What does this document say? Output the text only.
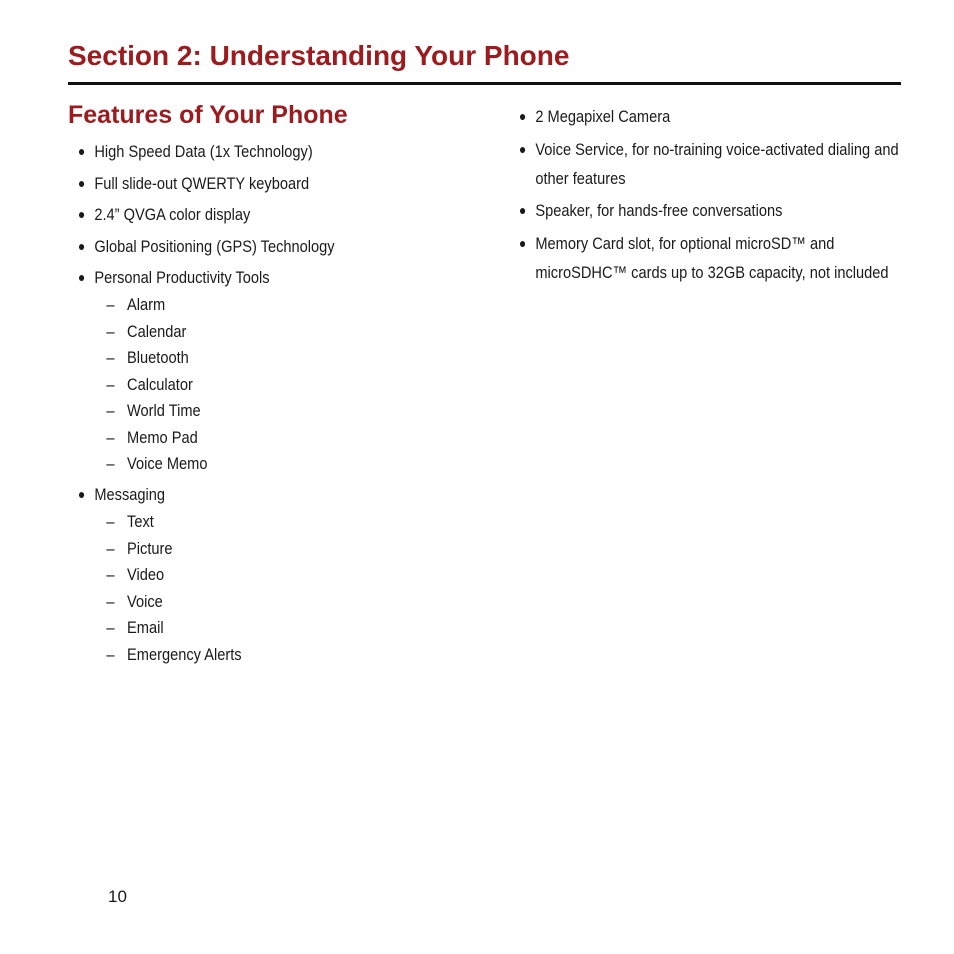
Section 2: Understanding Your Phone
Features of Your Phone
● High Speed Data (1x Technology)
● Full slide-out QWERTY keyboard
● 2.4” QVGA color display
● Global Positioning (GPS) Technology
● Personal Productivity Tools
– Alarm
– Calendar
– Bluetooth
– Calculator
– World Time
– Memo Pad
– Voice Memo
● Messaging
– Text
– Picture
– Video
– Voice
– Email
– Emergency Alerts
● 2 Megapixel Camera
● Voice Service, for no-training voice-activated dialing and other features
● Speaker, for hands-free conversations
● Memory Card slot, for optional microSD™ and microSDHC™ cards up to 32GB capacity, not included
10
